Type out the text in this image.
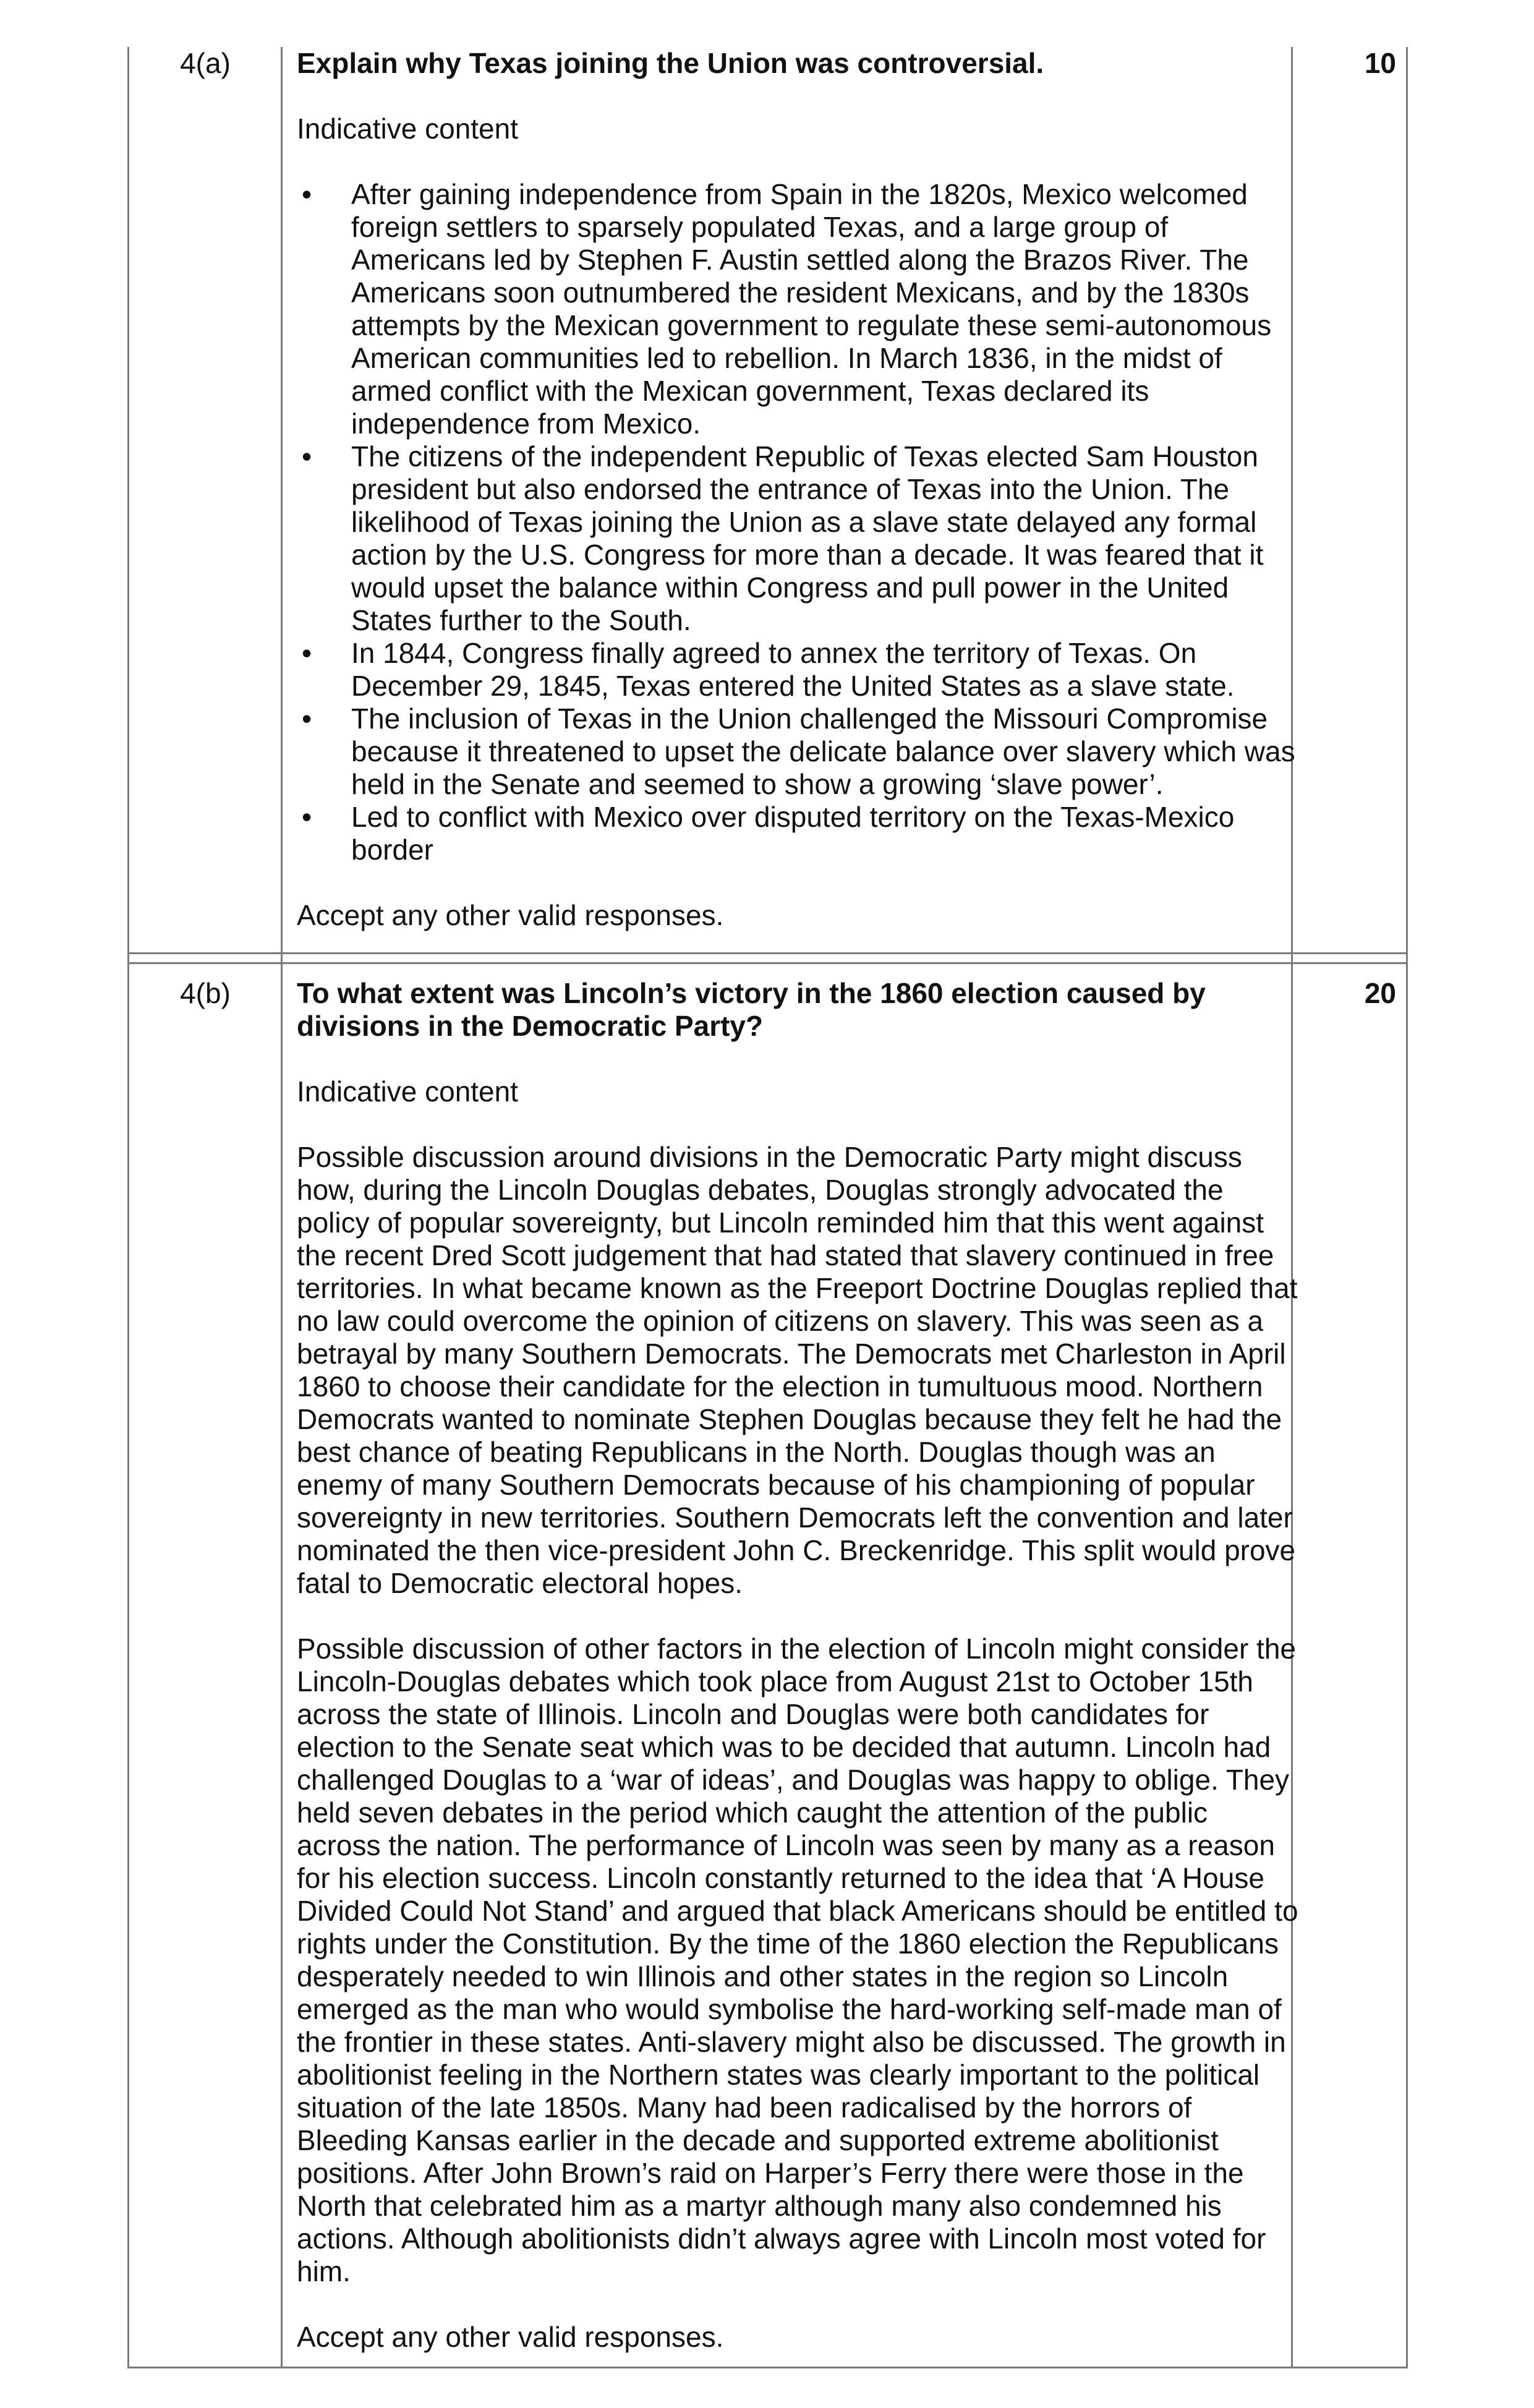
4(a)	10

Explain why Texas joining the Union was controversial.

Indicative content

• After gaining independence from Spain in the 1820s, Mexico welcomed foreign settlers to sparsely populated Texas, and a large group of Americans led by Stephen F. Austin settled along the Brazos River. The Americans soon outnumbered the resident Mexicans, and by the 1830s attempts by the Mexican government to regulate these semi-autonomous American communities led to rebellion. In March 1836, in the midst of armed conflict with the Mexican government, Texas declared its independence from Mexico.
• The citizens of the independent Republic of Texas elected Sam Houston president but also endorsed the entrance of Texas into the Union. The likelihood of Texas joining the Union as a slave state delayed any formal action by the U.S. Congress for more than a decade. It was feared that it would upset the balance within Congress and pull power in the United States further to the South.
• In 1844, Congress finally agreed to annex the territory of Texas. On December 29, 1845, Texas entered the United States as a slave state.
• The inclusion of Texas in the Union challenged the Missouri Compromise because it threatened to upset the delicate balance over slavery which was held in the Senate and seemed to show a growing ‘slave power’.
• Led to conflict with Mexico over disputed territory on the Texas-Mexico border

Accept any other valid responses.

4(b)	20

To what extent was Lincoln’s victory in the 1860 election caused by divisions in the Democratic Party?

Indicative content

Possible discussion around divisions in the Democratic Party might discuss how, during the Lincoln Douglas debates, Douglas strongly advocated the policy of popular sovereignty, but Lincoln reminded him that this went against the recent Dred Scott judgement that had stated that slavery continued in free territories. In what became known as the Freeport Doctrine Douglas replied that no law could overcome the opinion of citizens on slavery. This was seen as a betrayal by many Southern Democrats. The Democrats met Charleston in April 1860 to choose their candidate for the election in tumultuous mood. Northern Democrats wanted to nominate Stephen Douglas because they felt he had the best chance of beating Republicans in the North. Douglas though was an enemy of many Southern Democrats because of his championing of popular sovereignty in new territories. Southern Democrats left the convention and later nominated the then vice-president John C. Breckenridge. This split would prove fatal to Democratic electoral hopes.

Possible discussion of other factors in the election of Lincoln might consider the Lincoln-Douglas debates which took place from August 21st to October 15th across the state of Illinois. Lincoln and Douglas were both candidates for election to the Senate seat which was to be decided that autumn. Lincoln had challenged Douglas to a ‘war of ideas’, and Douglas was happy to oblige. They held seven debates in the period which caught the attention of the public across the nation. The performance of Lincoln was seen by many as a reason for his election success. Lincoln constantly returned to the idea that ‘A House Divided Could Not Stand’ and argued that black Americans should be entitled to rights under the Constitution. By the time of the 1860 election the Republicans desperately needed to win Illinois and other states in the region so Lincoln emerged as the man who would symbolise the hard-working self-made man of the frontier in these states. Anti-slavery might also be discussed. The growth in abolitionist feeling in the Northern states was clearly important to the political situation of the late 1850s. Many had been radicalised by the horrors of Bleeding Kansas earlier in the decade and supported extreme abolitionist positions. After John Brown’s raid on Harper’s Ferry there were those in the North that celebrated him as a martyr although many also condemned his actions. Although abolitionists didn’t always agree with Lincoln most voted for him.

Accept any other valid responses.
